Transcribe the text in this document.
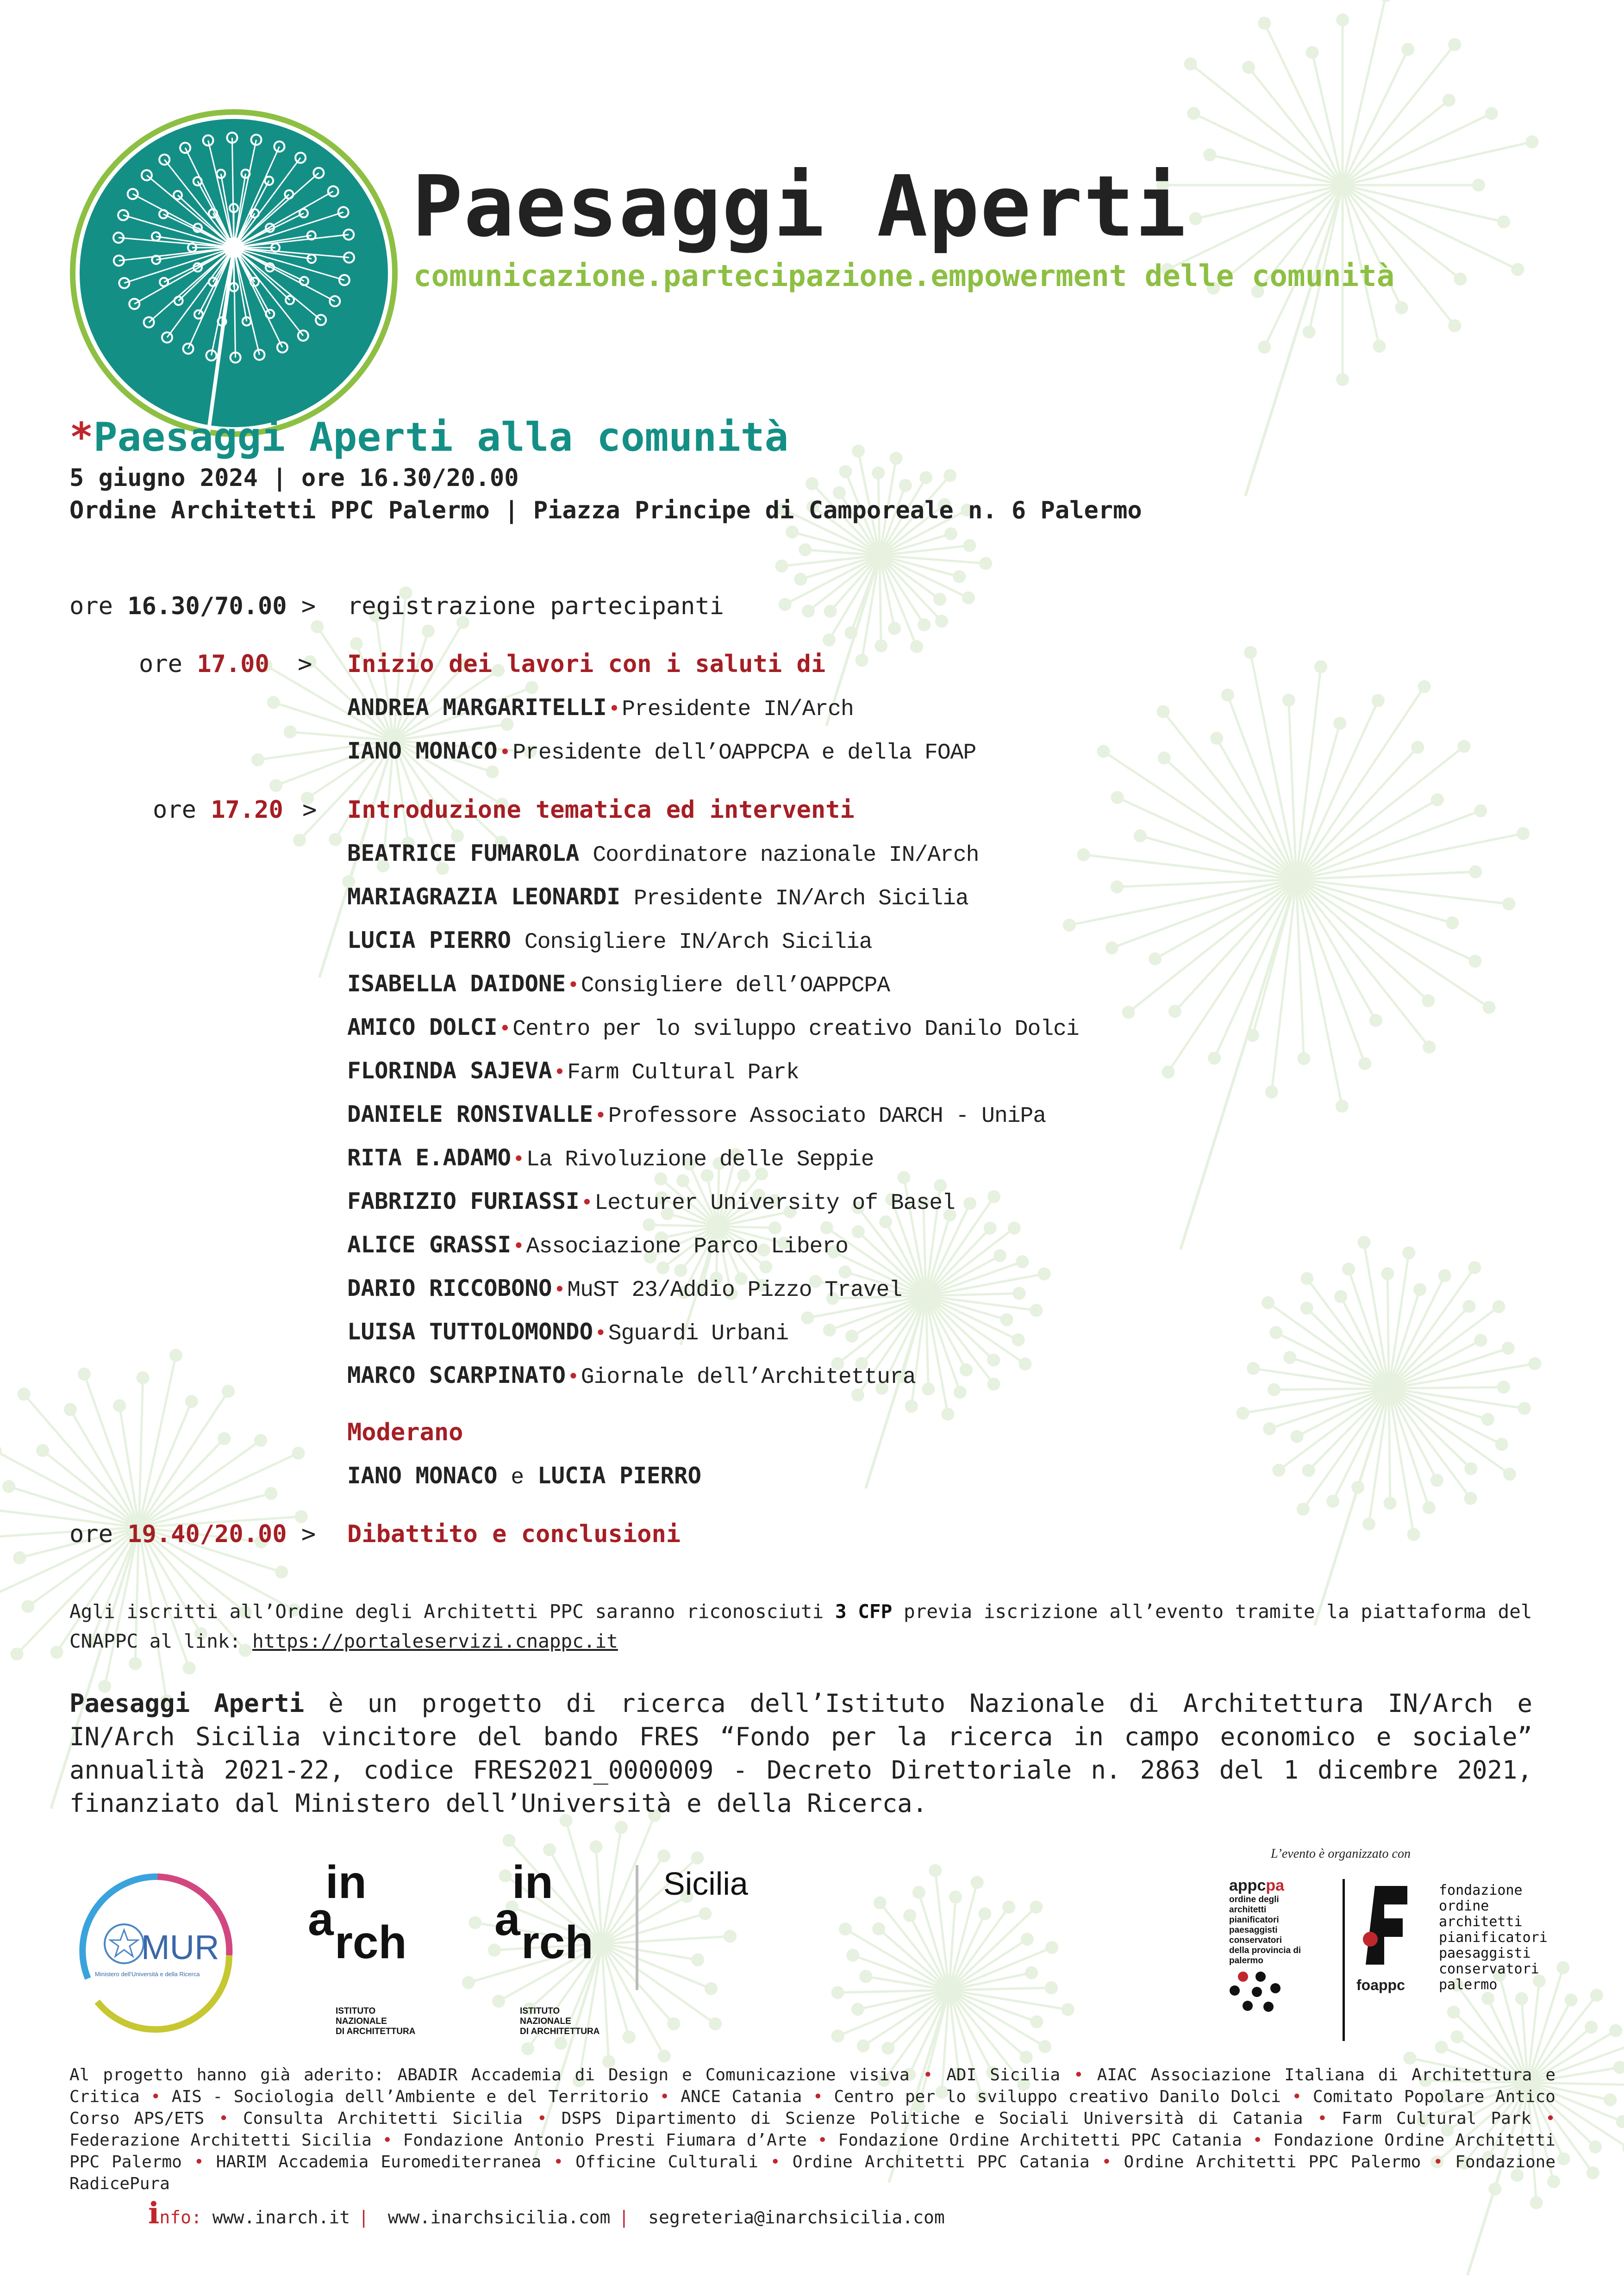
Paesaggi Aperti
comunicazione.partecipazione.empowerment delle comunità
*Paesaggi Aperti alla comunità
5 giugno 2024 | ore 16.30/20.00
Ordine Architetti PPC Palermo | Piazza Principe di Camporeale n. 6 Palermo
ore 16.30/70.00 > registrazione partecipanti
ore 17.00 > Inizio dei lavori con i saluti di
ANDREA MARGARITELLI•Presidente IN/Arch
IANO MONACO•Presidente dell’OAPPCPA e della FOAP
ore 17.20 > Introduzione tematica ed interventi
BEATRICE FUMAROLA Coordinatore nazionale IN/Arch
MARIAGRAZIA LEONARDI Presidente IN/Arch Sicilia
LUCIA PIERRO Consigliere IN/Arch Sicilia
ISABELLA DAIDONE•Consigliere dell’OAPPCPA
AMICO DOLCI•Centro per lo sviluppo creativo Danilo Dolci
FLORINDA SAJEVA•Farm Cultural Park
DANIELE RONSIVALLE•Professore Associato DARCH - UniPa
RITA E.ADAMO•La Rivoluzione delle Seppie
FABRIZIO FURIASSI•Lecturer University of Basel
ALICE GRASSI•Associazione Parco Libero
DARIO RICCOBONO•MuST 23/Addio Pizzo Travel
LUISA TUTTOLOMONDO•Sguardi Urbani
MARCO SCARPINATO•Giornale dell’Architettura
Moderano
IANO MONACO e LUCIA PIERRO
ore 19.40/20.00 > Dibattito e conclusioni
Agli iscritti all’Ordine degli Architetti PPC saranno riconosciuti 3 CFP previa iscrizione all’evento tramite la piattaforma del CNAPPC al link: https://portaleservizi.cnappc.it
Paesaggi Aperti è un progetto di ricerca dell’Istituto Nazionale di Architettura IN/Arch e IN/Arch Sicilia vincitore del bando FRES “Fondo per la ricerca in campo economico e sociale” annualità 2021-22, codice FRES2021_0000009 - Decreto Direttoriale n. 2863 del 1 dicembre 2021, finanziato dal Ministero dell’Università e della Ricerca.
MUR
Ministero dell'Università e della Ricerca
in
a rch
ISTITUTO
NAZIONALE
DI ARCHITETTURA
in
a rch
Sicilia
ISTITUTO
NAZIONALE
DI ARCHITETTURA
L’evento è organizzato con
appcpa
ordine degli
architetti
pianificatori
paesaggisti
conservatori
della provincia di
palermo
foappc
fondazione
ordine
architetti
pianificatori
paesaggisti
conservatori
palermo
Al progetto hanno già aderito: ABADIR Accademia di Design e Comunicazione visiva • ADI Sicilia • AIAC Associazione Italiana di Architettura e Critica • AIS - Sociologia dell’Ambiente e del Territorio • ANCE Catania • Centro per lo sviluppo creativo Danilo Dolci • Comitato Popolare Antico Corso APS/ETS • Consulta Architetti Sicilia • DSPS Dipartimento di Scienze Politiche e Sociali Università di Catania • Farm Cultural Park • Federazione Architetti Sicilia • Fondazione Antonio Presti Fiumara d’Arte • Fondazione Ordine Architetti PPC Catania • Fondazione Ordine Architetti PPC Palermo • HARIM Accademia Euromediterranea • Officine Culturali • Ordine Architetti PPC Catania • Ordine Architetti PPC Palermo • Fondazione RadicePura
info: www.inarch.it | www.inarchsicilia.com | segreteria@inarchsicilia.com
